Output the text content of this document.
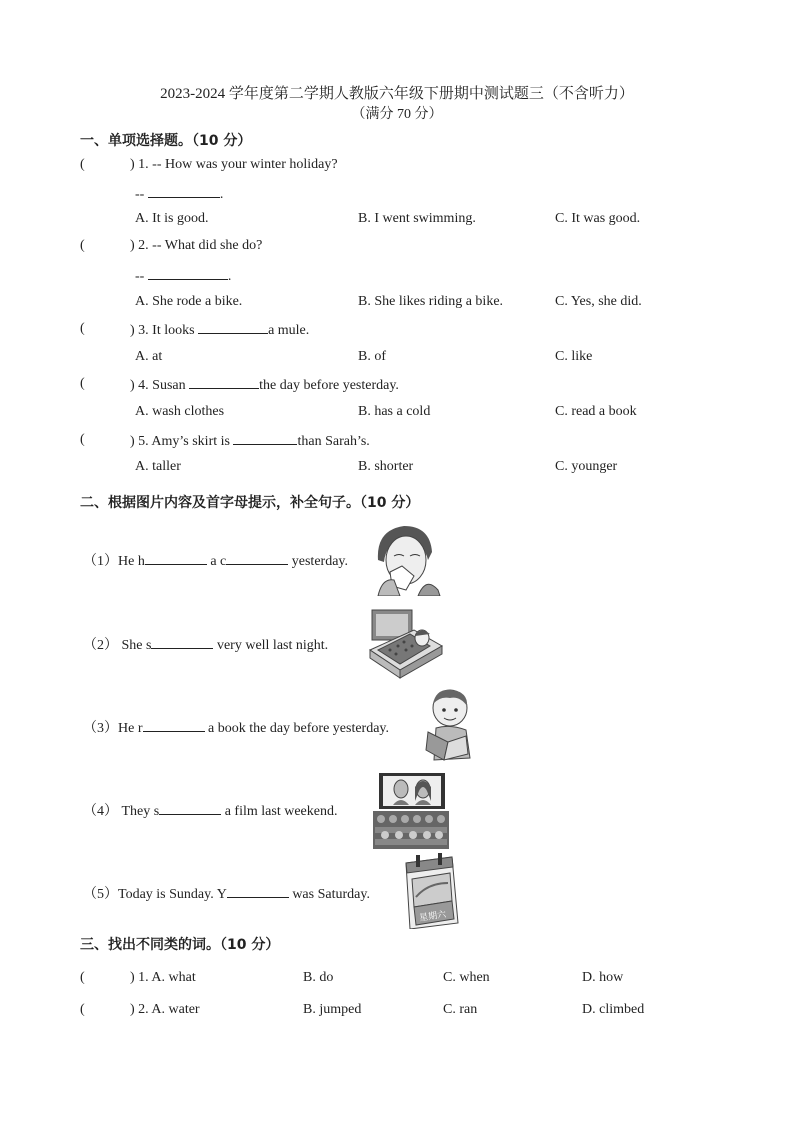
2023-2024 学年度第二学期人教版六年级下册期中测试题三（不含听力）
（满分 70 分）
一、单项选择题。（10 分）
(	) 1. -- How was your winter holiday?
--	.
A. It is good.	B. I went swimming.	C. It was good.
(	) 2. -- What did she do?
--	.
A. She rode a bike.	B. She likes riding a bike.	C. Yes, she did.
(	) 3. It looks	a mule.
A. at	B. of	C. like
(	) 4. Susan	the day before yesterday.
A. wash clothes	B. has a cold	C. read a book
(	) 5. Amy’s skirt is	than Sarah’s.
A. taller	B. shorter	C. younger
二、根据图片内容及首字母提示，补全句子。（10 分）
（1）He h	a c	yesterday.
（2） She s	very well last night.
（3）He r	a book the day before yesterday.
（4） They s	a film last weekend.
（5）Today is Sunday. Y	was Saturday.
星期六
三、找出不同类的词。（10 分）
(	) 1. A. what	B. do	C. when	D. how
(	) 2. A. water	B. jumped	C. ran	D. climbed
